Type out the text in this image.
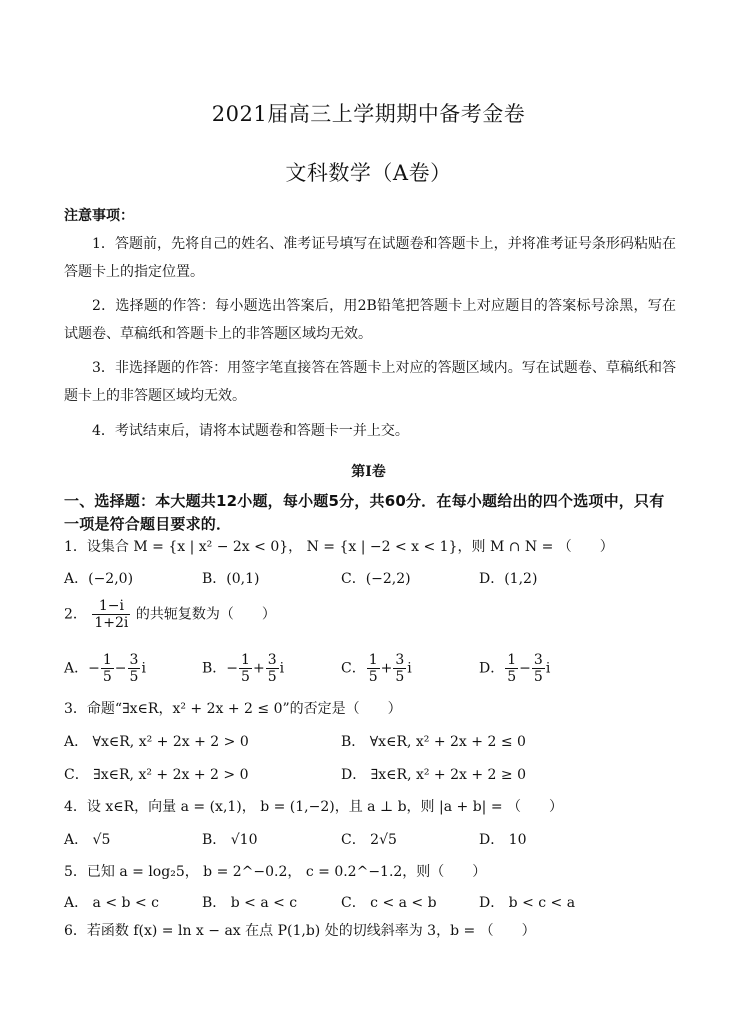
2021届高三上学期期中备考金卷
文科数学（A卷）
注意事项：
1．答题前，先将自己的姓名、准考证号填写在试题卷和答题卡上，并将准考证号条形码粘贴在答题卡上的指定位置。
2．选择题的作答：每小题选出答案后，用2B铅笔把答题卡上对应题目的答案标号涂黑，写在试题卷、草稿纸和答题卡上的非答题区域均无效。
3．非选择题的作答：用签字笔直接答在答题卡上对应的答题区域内。写在试题卷、草稿纸和答题卡上的非答题区域均无效。
4．考试结束后，请将本试题卷和答题卡一并上交。
第Ⅰ卷
一、选择题：本大题共12小题，每小题5分，共60分．在每小题给出的四个选项中，只有一项是符合题目要求的．
1．设集合 M = {x | x² − 2x < 0}， N = {x | −2 < x < 1}，则 M ∩ N = （　　）
A．(−2,0)	B．(0,1)	C．(−2,2)	D．(1,2)
2． $\frac{1-i}{1+2i}$ 的共轭复数为（　　）
A．− $\frac{1}{5} - \frac{3}{5}$ i	B．− $\frac{1}{5} + \frac{3}{5}$ i	C． $\frac{1}{5} + \frac{3}{5}$ i	D． $\frac{1}{5} - \frac{3}{5}$ i
3．命题“∃x∈R，x² + 2x + 2 ≤ 0”的否定是（　　）
A． ∀x∈R, x² + 2x + 2 > 0	B． ∀x∈R, x² + 2x + 2 ≤ 0
C． ∃x∈R, x² + 2x + 2 > 0	D． ∃x∈R, x² + 2x + 2 ≥ 0
4．设 x∈R，向量 a = (x,1)， b = (1,−2)，且 a ⊥ b，则 |a + b| = （　　）
A． √5	B． √10	C． 2√5	D． 10
5．已知 a = log₂5， b = 2^−0.2， c = 0.2^−1.2，则（　　）
A． a < b < c	B． b < a < c	C． c < a < b	D． b < c < a
6．若函数 f(x) = ln x − ax 在点 P(1,b) 处的切线斜率为 3，b = （　　）
